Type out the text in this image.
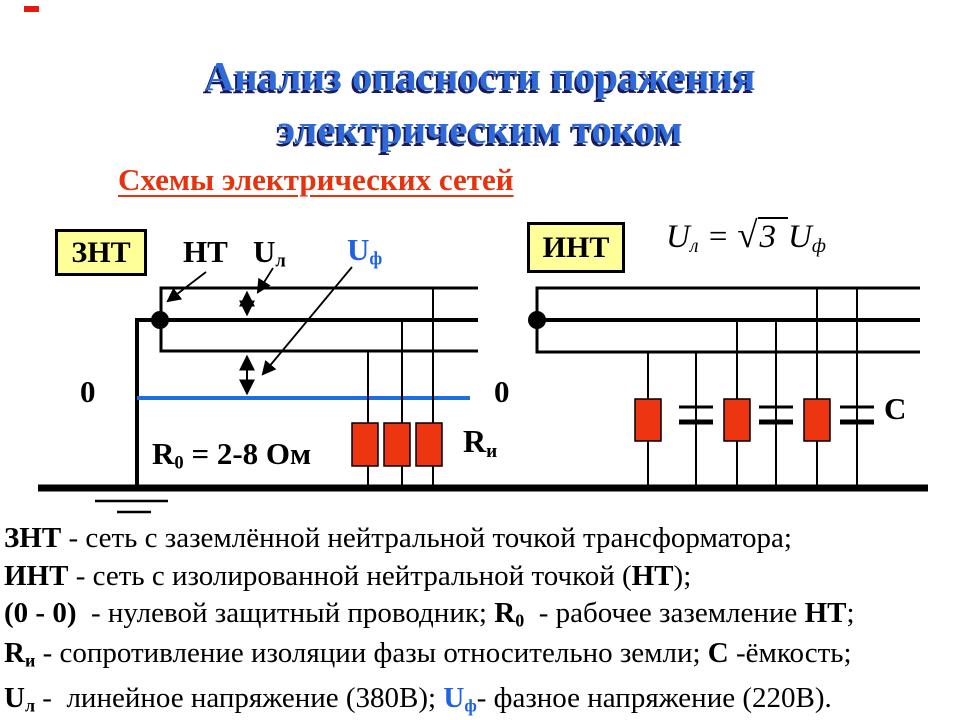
Анализ опасности поражения
электрическим током
Схемы электрических сетей
ЗНТ	ИНТ
НТ $U_л$ $U_ф$
$U_л = √3$ $U_ф$
0	0
$R_0 = 2-8$ Ом	$R_и$
C
ЗНТ - сеть с заземлённой нейтральной точкой трансформатора;
ИНТ - сеть с изолированной нейтральной точкой (НТ);
(0 - 0)  - нулевой защитный проводник; R0  - рабочее заземление НТ;
Rи - сопротивление изоляции фазы относительно земли; С -ёмкость;
Uл -  линейное напряжение (380В); Uф- фазное напряжение (220В).
